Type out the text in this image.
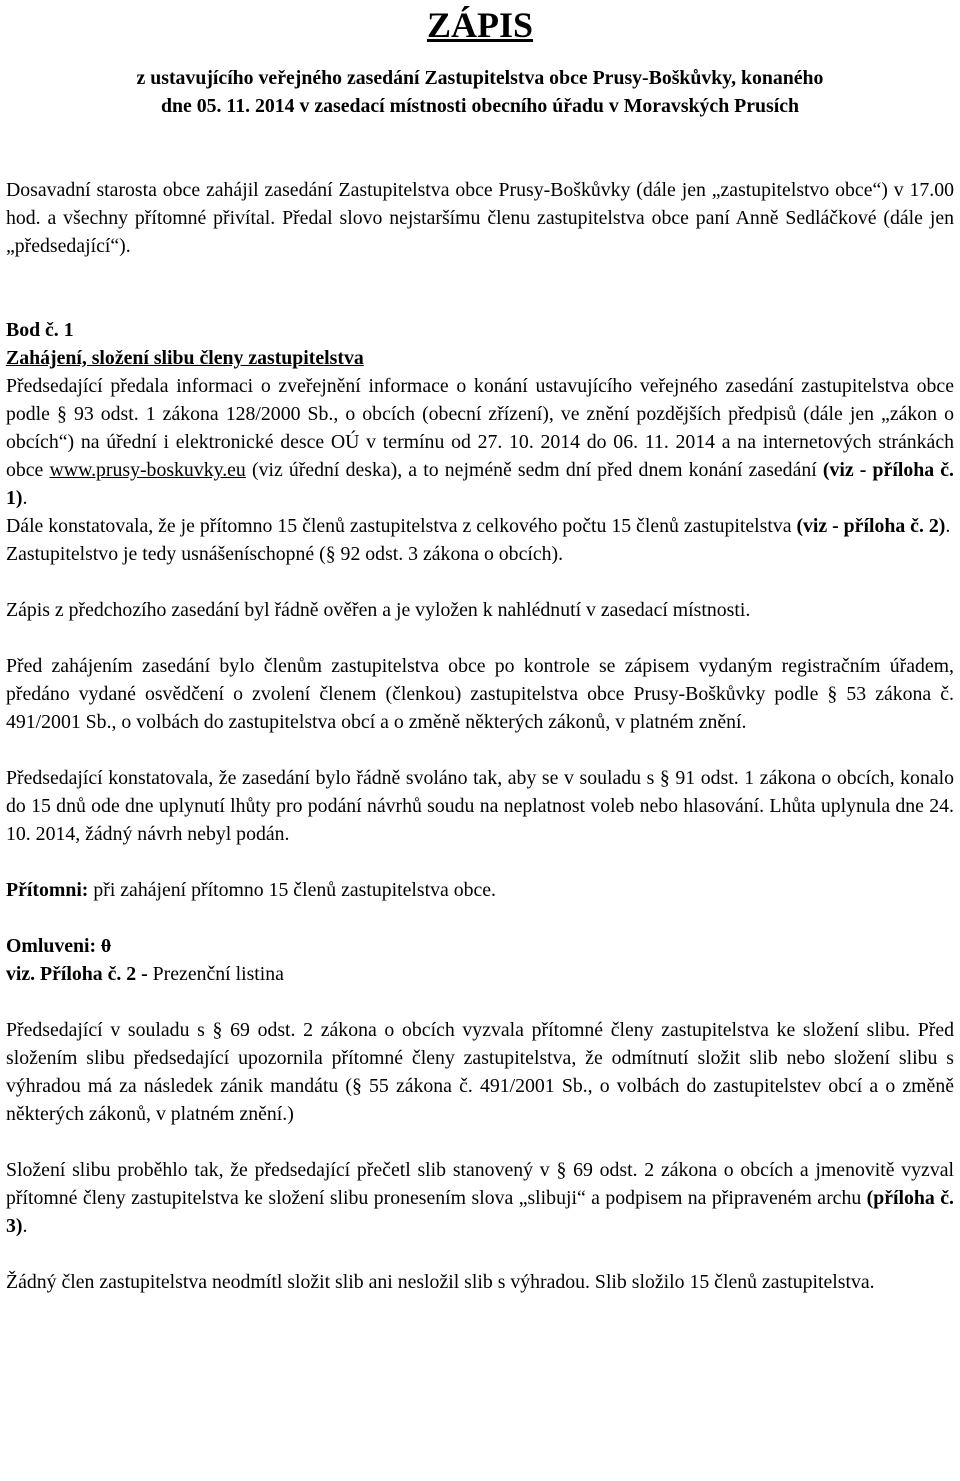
ZÁPIS
z ustavujícího veřejného zasedání Zastupitelstva obce Prusy-Boškůvky, konaného
dne 05. 11. 2014 v zasedací místnosti obecního úřadu v Moravských Prusích

Dosavadní starosta obce zahájil zasedání Zastupitelstva obce Prusy-Boškůvky (dále jen „zastupitelstvo obce“) v 17.00 hod. a všechny přítomné přivítal. Předal slovo nejstaršímu členu zastupitelstva obce paní Anně Sedláčkové (dále jen „předsedající“).

Bod č. 1
Zahájení, složení slibu členy zastupitelstva

Předsedající předala informaci o zveřejnění informace o konání ustavujícího veřejného zasedání zastupitelstva obce podle § 93 odst. 1 zákona 128/2000 Sb., o obcích (obecní zřízení), ve znění pozdějších předpisů (dále jen „zákon o obcích“) na úřední i elektronické desce OÚ v termínu od 27. 10. 2014 do 06. 11. 2014 a na internetových stránkách obce www.prusy-boskuvky.eu (viz úřední deska), a to nejméně sedm dní před dnem konání zasedání (viz - příloha č. 1).

Dále konstatovala, že je přítomno 15 členů zastupitelstva z celkového počtu 15 členů zastupitelstva (viz - příloha č. 2).

Zastupitelstvo je tedy usnášeníschopné (§ 92 odst. 3 zákona o obcích).

Zápis z předchozího zasedání byl řádně ověřen a je vyložen k nahlédnutí v zasedací místnosti.

Před zahájením zasedání bylo členům zastupitelstva obce po kontrole se zápisem vydaným registračním úřadem, předáno vydané osvědčení o zvolení členem (členkou) zastupitelstva obce Prusy-Boškůvky podle § 53 zákona č. 491/2001 Sb., o volbách do zastupitelstva obcí a o změně některých zákonů, v platném znění.

Předsedající konstatovala, že zasedání bylo řádně svoláno tak, aby se v souladu s § 91 odst. 1 zákona o obcích, konalo do 15 dnů ode dne uplynutí lhůty pro podání návrhů soudu na neplatnost voleb nebo hlasování. Lhůta uplynula dne 24. 10. 2014, žádný návrh nebyl podán.

Přítomni: při zahájení přítomno 15 členů zastupitelstva obce.

Omluveni: 0
viz. Příloha č. 2 - Prezenční listina

Předsedající v souladu s § 69 odst. 2 zákona o obcích vyzvala přítomné členy zastupitelstva ke složení slibu. Před složením slibu předsedající upozornila přítomné členy zastupitelstva, že odmítnutí složit slib nebo složení slibu s výhradou má za následek zánik mandátu (§ 55 zákona č. 491/2001 Sb., o volbách do zastupitelstev obcí a o změně některých zákonů, v platném znění.)

Složení slibu proběhlo tak, že předsedající přečetl slib stanovený v § 69 odst. 2 zákona o obcích a jmenovitě vyzval přítomné členy zastupitelstva ke složení slibu pronesením slova „slibuji“ a podpisem na připraveném archu (příloha č. 3).

Žádný člen zastupitelstva neodmítl složit slib ani nesložil slib s výhradou. Slib složilo 15 členů zastupitelstva.
